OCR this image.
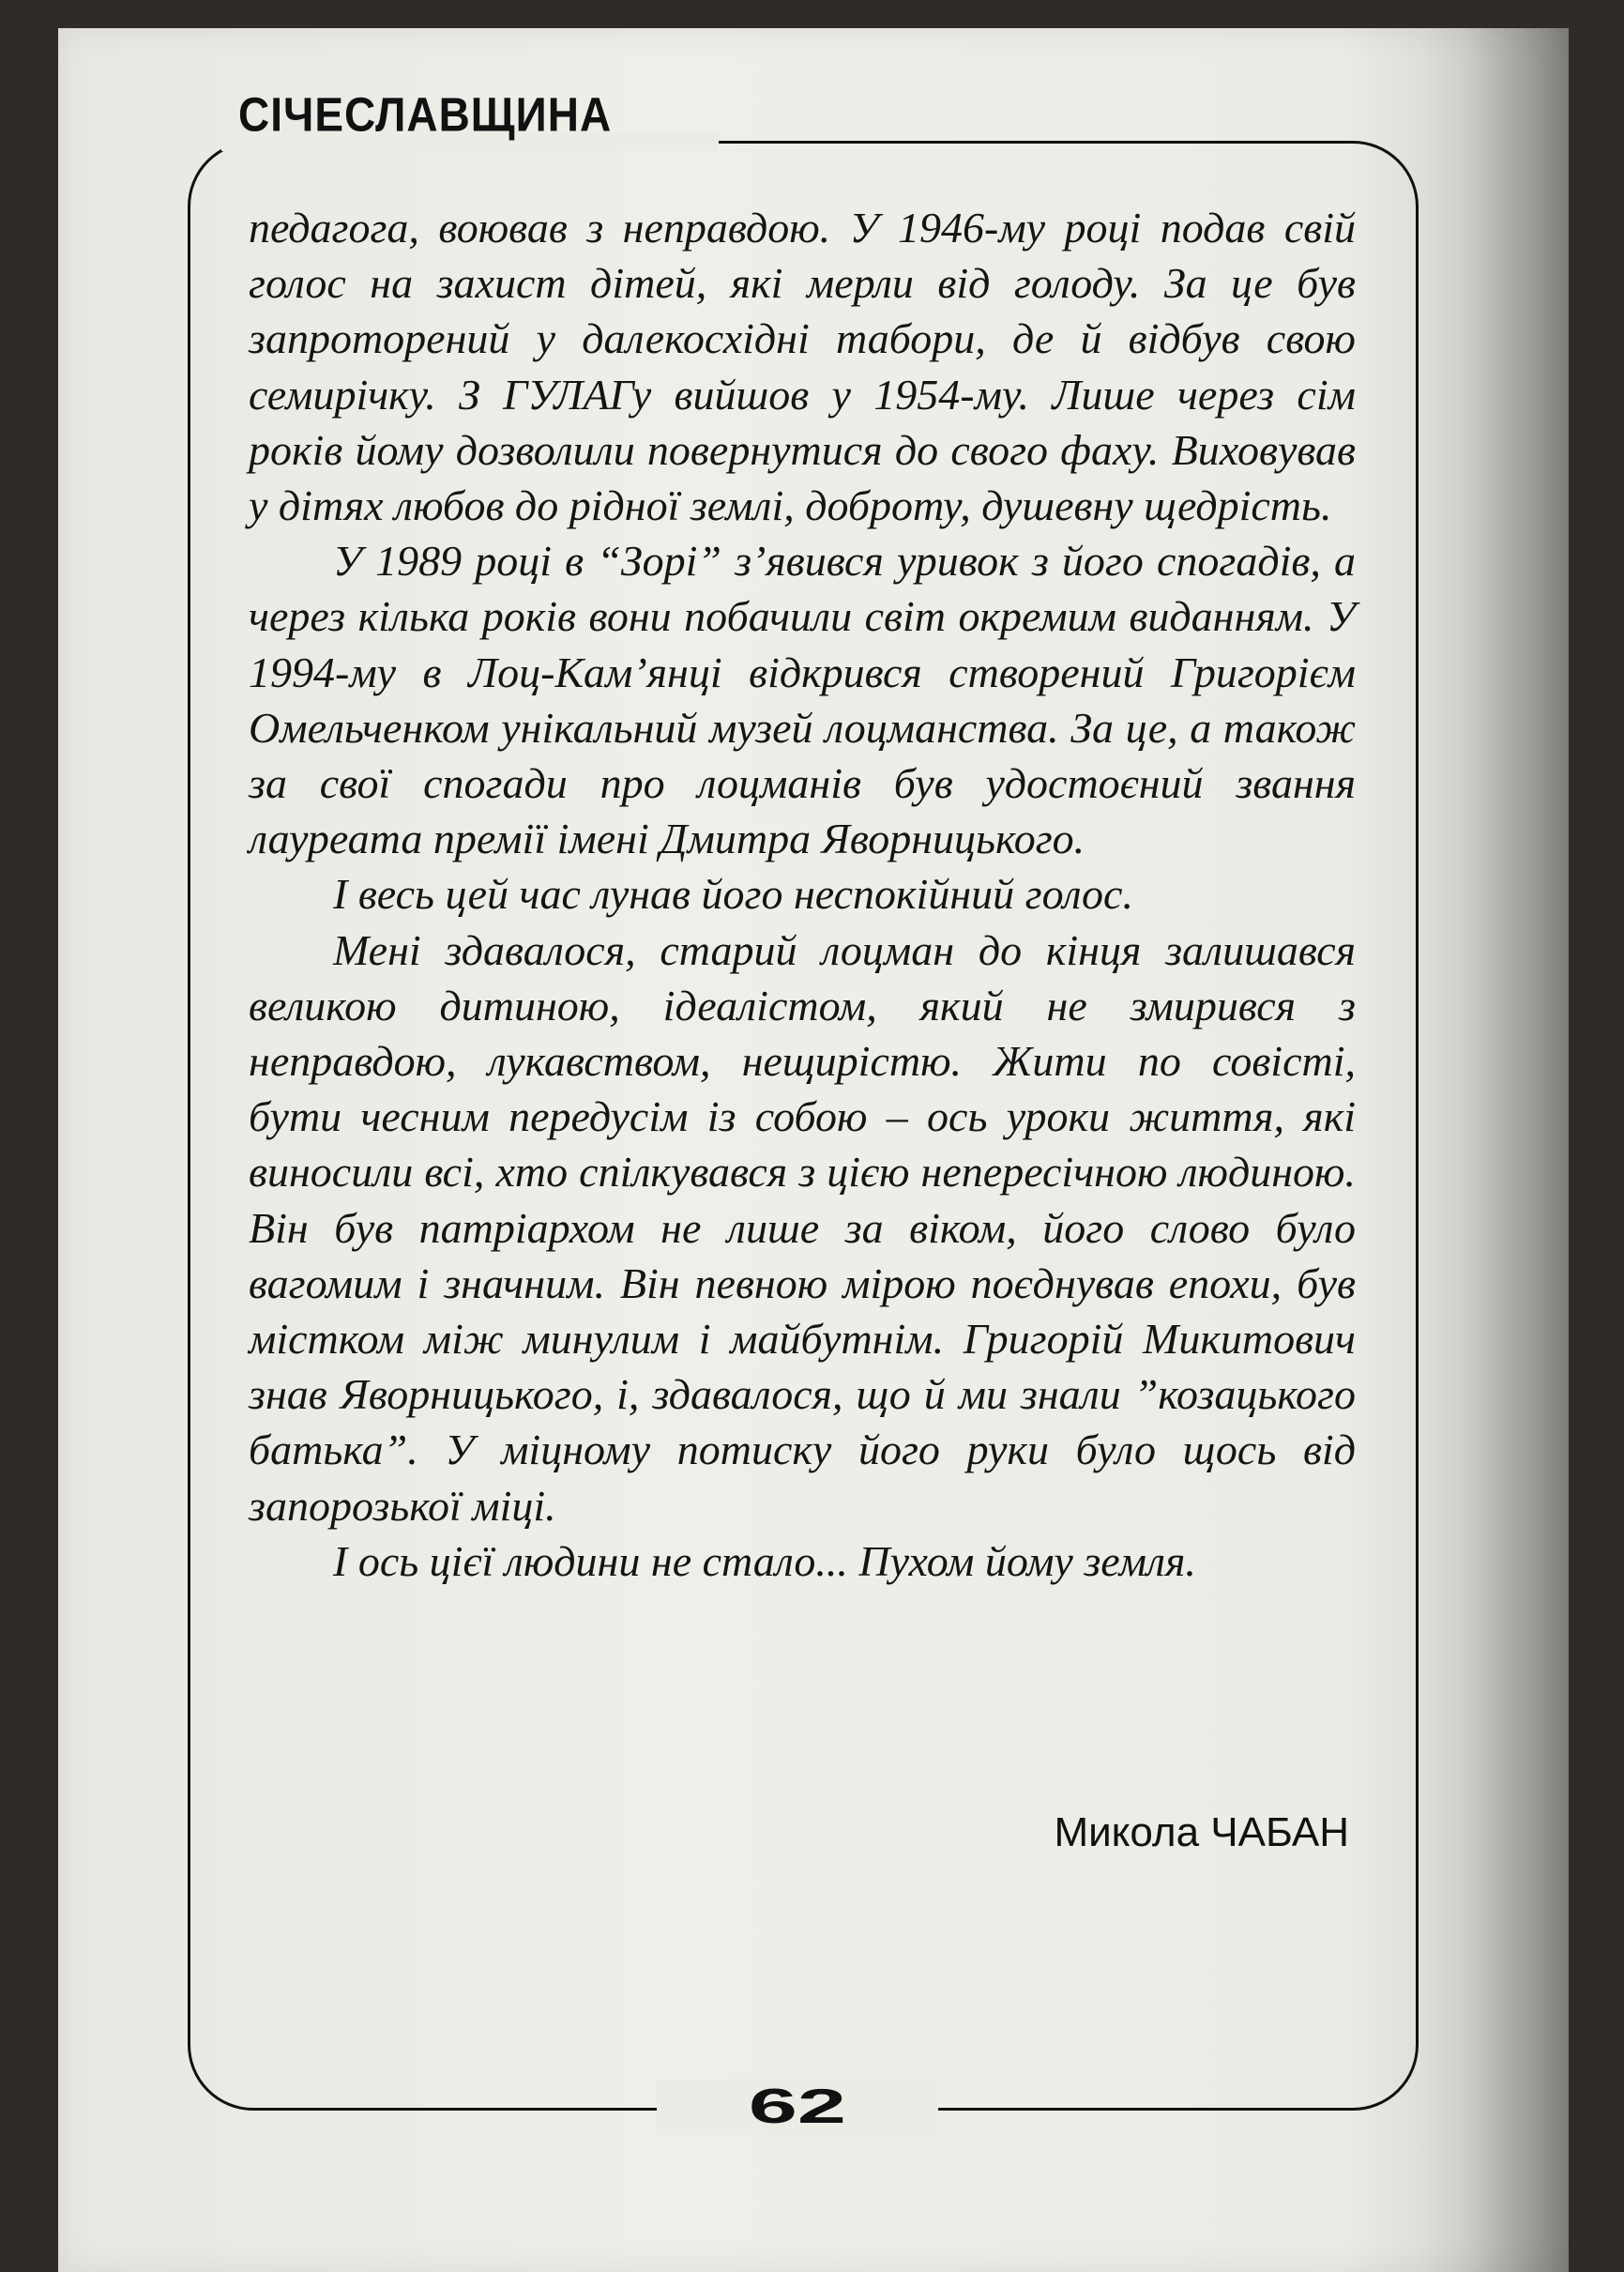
СІЧЕСЛАВЩИНА

педагога, воював з неправдою. У 1946-му році подав свій голос на захист дітей, які мерли від голоду. За це був запроторений у далекосхідні табори, де й відбув свою семирічку. З ГУЛАГу вийшов у 1954-му. Лише через сім років йому дозволили повернутися до свого фаху. Виховував у дітях любов до рідної землі, доброту, душевну щедрість.

У 1989 році в “Зорі” з’явився уривок з його спогадів, а через кілька років вони побачили світ окремим виданням. У 1994-му в Лоц-Кам’янці відкрився створений Григорієм Омельченком унікальний музей лоцманства. За це, а також за свої спогади про лоцманів був удостоєний звання лауреата премії імені Дмитра Яворницького.

І весь цей час лунав його неспокійний голос.

Мені здавалося, старий лоцман до кінця залишався великою дитиною, ідеалістом, який не змирився з неправдою, лукавством, нещирістю. Жити по совісті, бути чесним передусім із собою – ось уроки життя, які виносили всі, хто спілкувався з цією непересічною людиною. Він був патріархом не лише за віком, його слово було вагомим і значним. Він певною мірою поєднував епохи, був містком між минулим і майбутнім. Григорій Микитович знав Яворницького, і, здавалося, що й ми знали ”козацького батька”. У міцному потиску його руки було щось від запорозької міці.

І ось цієї людини не стало... Пухом йому земля.

Микола ЧАБАН
62
